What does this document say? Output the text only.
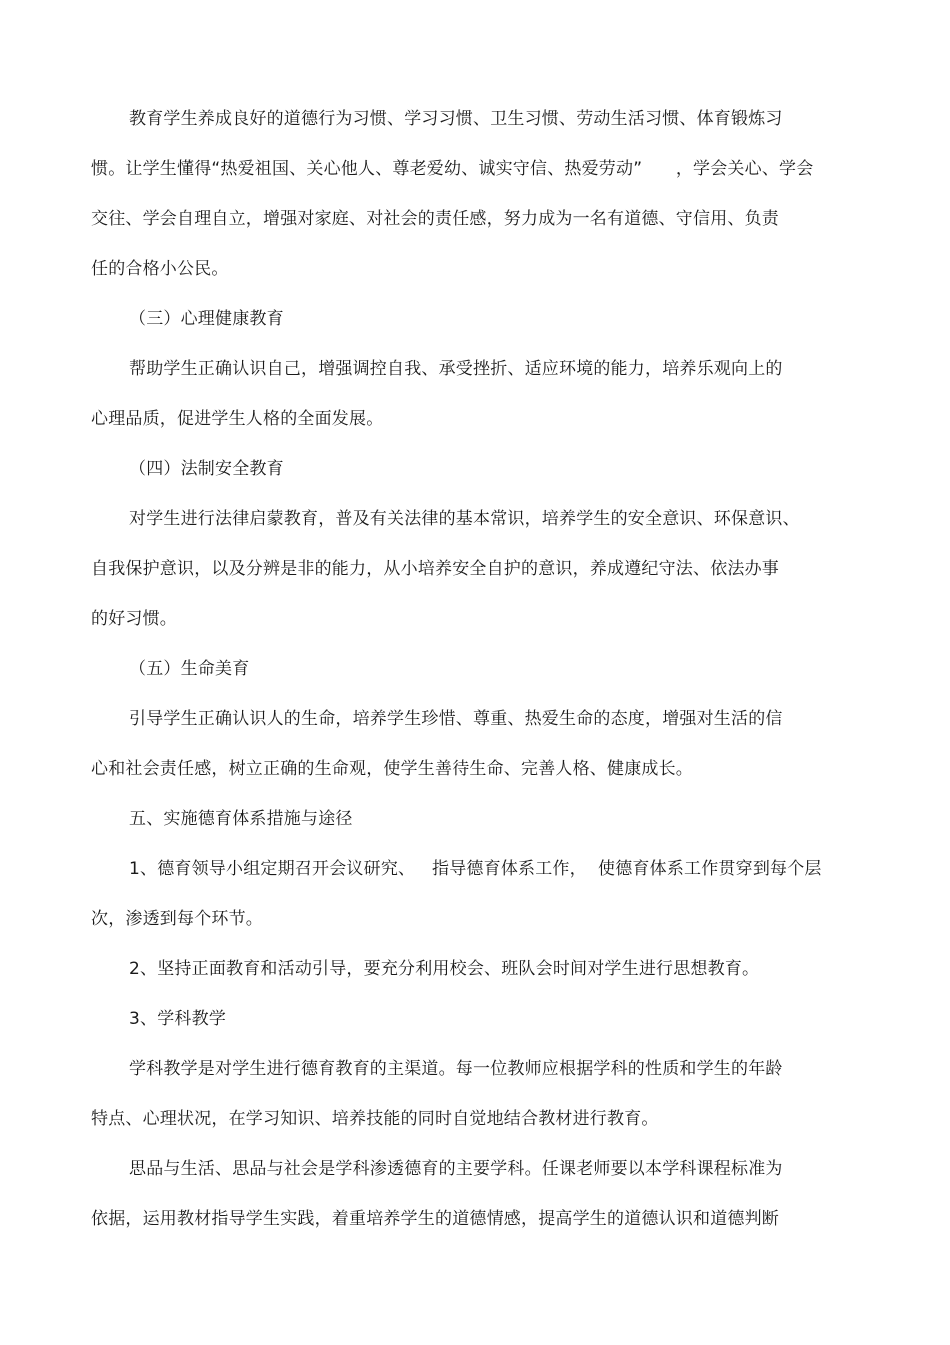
教育学生养成良好的道德行为习惯、学习习惯、卫生习惯、劳动生活习惯、体育锻炼习
惯。让学生懂得“热爱祖国、关心他人、尊老爱幼、诚实守信、热爱劳动”      ，学会关心、学会
交往、学会自理自立，增强对家庭、对社会的责任感，努力成为一名有道德、守信用、负责
任的合格小公民。
（三）心理健康教育
帮助学生正确认识自己，增强调控自我、承受挫折、适应环境的能力，培养乐观向上的
心理品质，促进学生人格的全面发展。
（四）法制安全教育
对学生进行法律启蒙教育，普及有关法律的基本常识，培养学生的安全意识、环保意识、
自我保护意识，以及分辨是非的能力，从小培养安全自护的意识，养成遵纪守法、依法办事
的好习惯。
（五）生命美育
引导学生正确认识人的生命，培养学生珍惜、尊重、热爱生命的态度，增强对生活的信
心和社会责任感，树立正确的生命观，使学生善待生命、完善人格、健康成长。
五、实施德育体系措施与途径
1、德育领导小组定期召开会议研究、   指导德育体系工作，  使德育体系工作贯穿到每个层
次，渗透到每个环节。
2、坚持正面教育和活动引导，要充分利用校会、班队会时间对学生进行思想教育。
3、学科教学
学科教学是对学生进行德育教育的主渠道。每一位教师应根据学科的性质和学生的年龄
特点、心理状况，在学习知识、培养技能的同时自觉地结合教材进行教育。
思品与生活、思品与社会是学科渗透德育的主要学科。任课老师要以本学科课程标准为
依据，运用教材指导学生实践，着重培养学生的道德情感，提高学生的道德认识和道德判断
